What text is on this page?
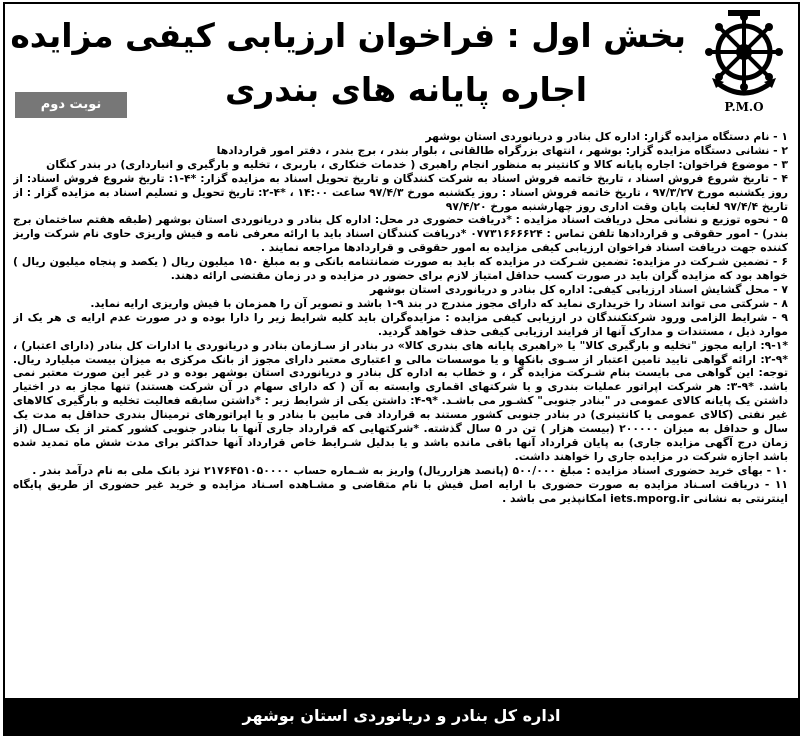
P.M.O
بخش اول : فراخوان ارزیابی کیفی مزایده
اجاره پایانه های بندری
نوبت دوم

۱ - نام دستگاه مزایده گزار: اداره کل بنادر و دریانوردی استان بوشهر

۲ - نشانی دستگاه مزایده گزار: بوشهر ، انتهای بزرگراه طالقانی ، بلوار بندر ، برج بندر ، دفتر امور قراردادها

۳ - موضوع فراخوان: اجاره پایانه کالا و کانتینر به منظور انجام راهبری ( خدمات خنکاری ، باربری ، تخلیه و بارگیری و انبارداری) در بندر کنگان

۴ - تاریخ شروع فروش اسناد ، تاریخ خاتمه فروش اسناد به شرکت کنندگان و تاریخ تحویل اسناد به مزایده گزار: *۴-۱: تاریخ شروع فروش اسناد: از روز یکشنبه مورخ ۹۷/۳/۲۷ ، تاریخ خاتمه فروش اسناد : روز یکشنبه مورخ ۹۷/۴/۳ ساعت ۱۴:۰۰ ، *۴-۲: تاریخ تحویل و تسلیم اسناد به مزایده گزار : از تاریخ ۹۷/۴/۴ لغایت پایان وقت اداری روز چهارشنبه مورخ ۹۷/۴/۲۰

۵ - نحوه توزیع و نشانی محل دریافت اسناد مزایده : *دریافت حضوری در محل: اداره کل بنادر و دریانوردی استان بوشهر (طبقه هفتم ساختمان برج بندر) - امور حقوقی و قراردادها تلفن تماس : ۰۷۷۳۱۶۶۶۶۲۴ *دریافت کنندگان اسناد باید با ارائه معرفی نامه و فیش واریزی حاوی نام شرکت واریز کننده جهت دریافت اسناد فراخوان ارزیابی کیفی مزایده به امور حقوقی و قراردادها مراجعه نمایند .

۶ - تضمین شـرکت در مزایده: تضمین شـرکت در مزایده که باید به صورت ضمانتنامه بانکی و به مبلغ ۱۵۰ میلیون ریال ( یکصد و پنجاه میلیون ریال ) خواهد بود که مزایده گران باید در صورت کسب حداقل امتیاز لازم برای حضور در مزایده و در زمان مقتضی ارائه دهند.

۷ - محل گشایش اسناد ارزیابی کیفی: اداره کل بنادر و دریانوردی استان بوشهر

۸ - شرکتی می تواند اسناد را خریداری نماید که دارای مجوز مندرج در بند ۹-۱ باشد و تصویر آن را همزمان با فیش واریزی ارایه نماید.

۹ - شرایط الزامی ورود شرکتکنندگان در ارزیابی کیفی مزایده : مزایده‌گران باید کلیه شرایط زیر را دارا بوده و در صورت عدم ارایه ی هر یک از موارد ذیل ، مستندات و مدارک آنها از فرایند ارزیابی کیفی حذف خواهد گردید.

*۹-۱: ارایه مجوز "تخلیه و بارگیری کالا" یا «راهبری پایانه های بندری کالا» در بنادر از سـازمان بنادر و دریانوردی یا ادارات کل بنادر (دارای اعتبار) ، *۹-۲: ارائه گواهی تایید تامین اعتبار از سـوی بانکها و یا موسسات مالی و اعتباری معتبر دارای مجوز از بانک مرکزی به میزان بیست میلیارد ریال. توجه: این گواهی می بایست بنام شـرکت مزایده گر ، و خطاب به اداره کل بنادر و دریانوردی استان بوشهر بوده و در غیر این صورت معتبر نمی باشد. *۹-۳: هر شرکت اپراتور عملیات بندری و یا شرکتهای اقماری وابسته به آن ( که دارای سهام در آن شرکت هستند) تنها مجاز به در اختیار داشتن یک پایانه کالای عمومی در "بنادر جنوبی" کشـور می باشـد. *۹-۴: داشتن یکی از شرایط زیر : *داشتن سابقه فعالیت تخلیه و بارگیری کالاهای غیر نفتی (کالای عمومی یا کانتینری) در بنادر جنوبی کشور مستند به قرارداد فی مابین با بنادر و یا اپراتورهای ترمینال بندری حداقل به مدت یک سال و حداقل به میزان ۲۰۰۰۰۰ (بیست هزار ) تن در ۵ سال گذشته. *شرکتهایی که قرارداد جاری آنها با بنادر جنوبی کشور کمتر از یک سـال (از زمان درج آگهی مزایده جاری) به پایان قرارداد آنها باقی مانده باشد و یا بدلیل شـرایط خاص قرارداد آنها حداکثر برای مدت شش ماه تمدید شده باشد اجازه شرکت در مزایده جاری را خواهند داشت.

۱۰ - بهای خرید حضوری اسناد مزایده : مبلغ ۵۰۰/۰۰۰ (پانصد هزارریال) واریز به شـماره حساب ۲۱۷۶۴۵۱۰۵۰۰۰۰ نزد بانک ملی به نام درآمد بندر .

۱۱ - دریافت اسـناد مزایده به صورت حضوری با ارایه اصل فیش با نام متقاضی و مشـاهده اسـناد مزایده و خرید غیر حضوری از طریق پایگاه اینترنتی به نشانی iets.mporg.ir امکانپذیر می باشد .

اداره کل بنادر و دریانوردی استان بوشهر
